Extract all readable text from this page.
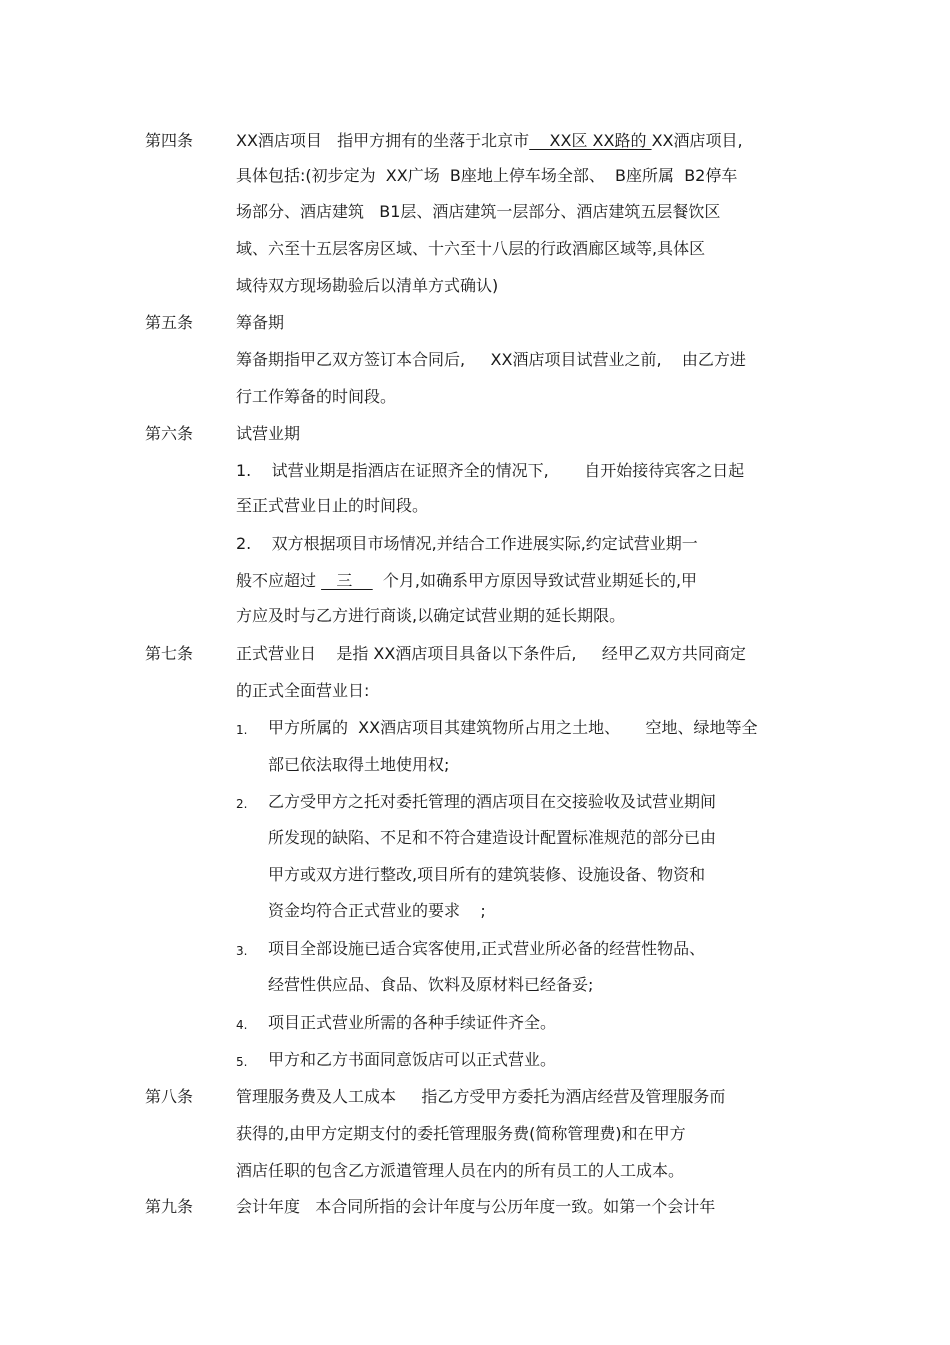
第四条	XX酒店项目   指甲方拥有的坐落于北京市    XX区 XX路的 XX酒店项目,
具体包括:(初步定为  XX广场  B座地上停车场全部、  B座所属  B2停车
场部分、酒店建筑   B1层、酒店建筑一层部分、酒店建筑五层餐饮区
域、六至十五层客房区域、十六至十八层的行政酒廊区域等,具体区
域待双方现场勘验后以清单方式确认)
第五条	筹备期
筹备期指甲乙双方签订本合同后,     XX酒店项目试营业之前,    由乙方进
行工作筹备的时间段。
第六条	试营业期
1.    试营业期是指酒店在证照齐全的情况下,       自开始接待宾客之日起
至正式营业日止的时间段。
2.    双方根据项目市场情况,并结合工作进展实际,约定试营业期一
般不应超过    三      个月,如确系甲方原因导致试营业期延长的,甲
方应及时与乙方进行商谈,以确定试营业期的延长期限。
第七条	正式营业日    是指 XX酒店项目具备以下条件后,     经甲乙双方共同商定
的正式全面营业日:
1. 甲方所属的  XX酒店项目其建筑物所占用之土地、     空地、绿地等全
部已依法取得土地使用权;
2. 乙方受甲方之托对委托管理的酒店项目在交接验收及试营业期间
所发现的缺陷、不足和不符合建造设计配置标准规范的部分已由
甲方或双方进行整改,项目所有的建筑装修、设施设备、物资和
资金均符合正式营业的要求    ;
3. 项目全部设施已适合宾客使用,正式营业所必备的经营性物品、
经营性供应品、食品、饮料及原材料已经备妥;
4. 项目正式营业所需的各种手续证件齐全。
5. 甲方和乙方书面同意饭店可以正式营业。
第八条	管理服务费及人工成本     指乙方受甲方委托为酒店经营及管理服务而
获得的,由甲方定期支付的委托管理服务费(简称管理费)和在甲方
酒店任职的包含乙方派遣管理人员在内的所有员工的人工成本。
第九条	会计年度   本合同所指的会计年度与公历年度一致。如第一个会计年
